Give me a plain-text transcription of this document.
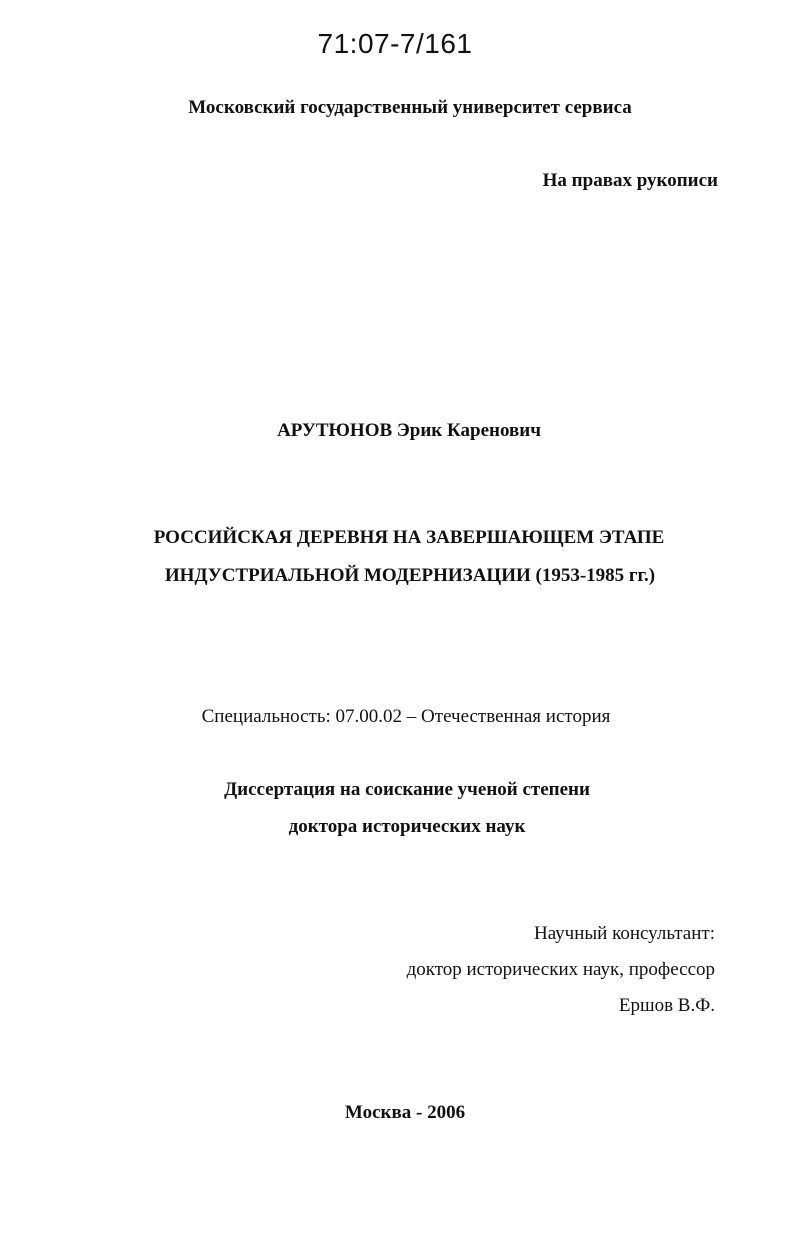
71:07-7/161
Московский государственный университет сервиса
На правах рукописи
АРУТЮНОВ Эрик Каренович
РОССИЙСКАЯ ДЕРЕВНЯ НА ЗАВЕРШАЮЩЕМ ЭТАПЕ
ИНДУСТРИАЛЬНОЙ МОДЕРНИЗАЦИИ (1953-1985 гг.)
Специальность: 07.00.02 – Отечественная история
Диссертация на соискание ученой степени
доктора исторических наук
Научный консультант:
доктор исторических наук, профессор
Ершов В.Ф.
Москва - 2006
